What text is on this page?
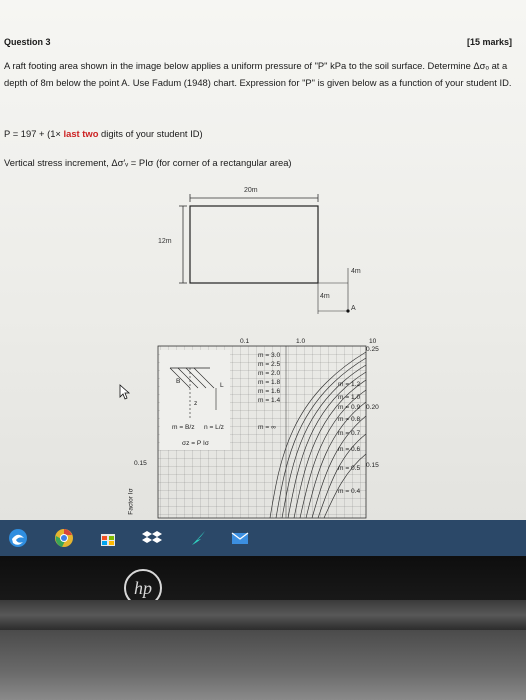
Question 3	[15 marks]
A raft footing area shown in the image below applies a uniform pressure of "P" kPa to the soil surface. Determine Δσₒ at a depth of 8m below the point A. Use Fadum (1948) chart. Expression for "P" is given below as a function of your student ID.
P = 197 + (1× last two digits of your student ID)
Vertical stress increment, Δσ′ᵥ = PIσ (for corner of a rectangular area)
20m
12m
4m
4m
A
0.1	1.0	10
0.25
0.20
0.15
0.15
m = 3.0
m = 2.5
m = 2.0
m = 1.8
m = 1.6
m = 1.4
m = ∞
m = 1.2
m = 1.0
m = 0.9
m = 0.8
m = 0.7
m = 0.6
m = 0.5
m = 0.4
m = B/z n = L/z
σz = P Iσ
B
L
z
Factor Iσ
hp
